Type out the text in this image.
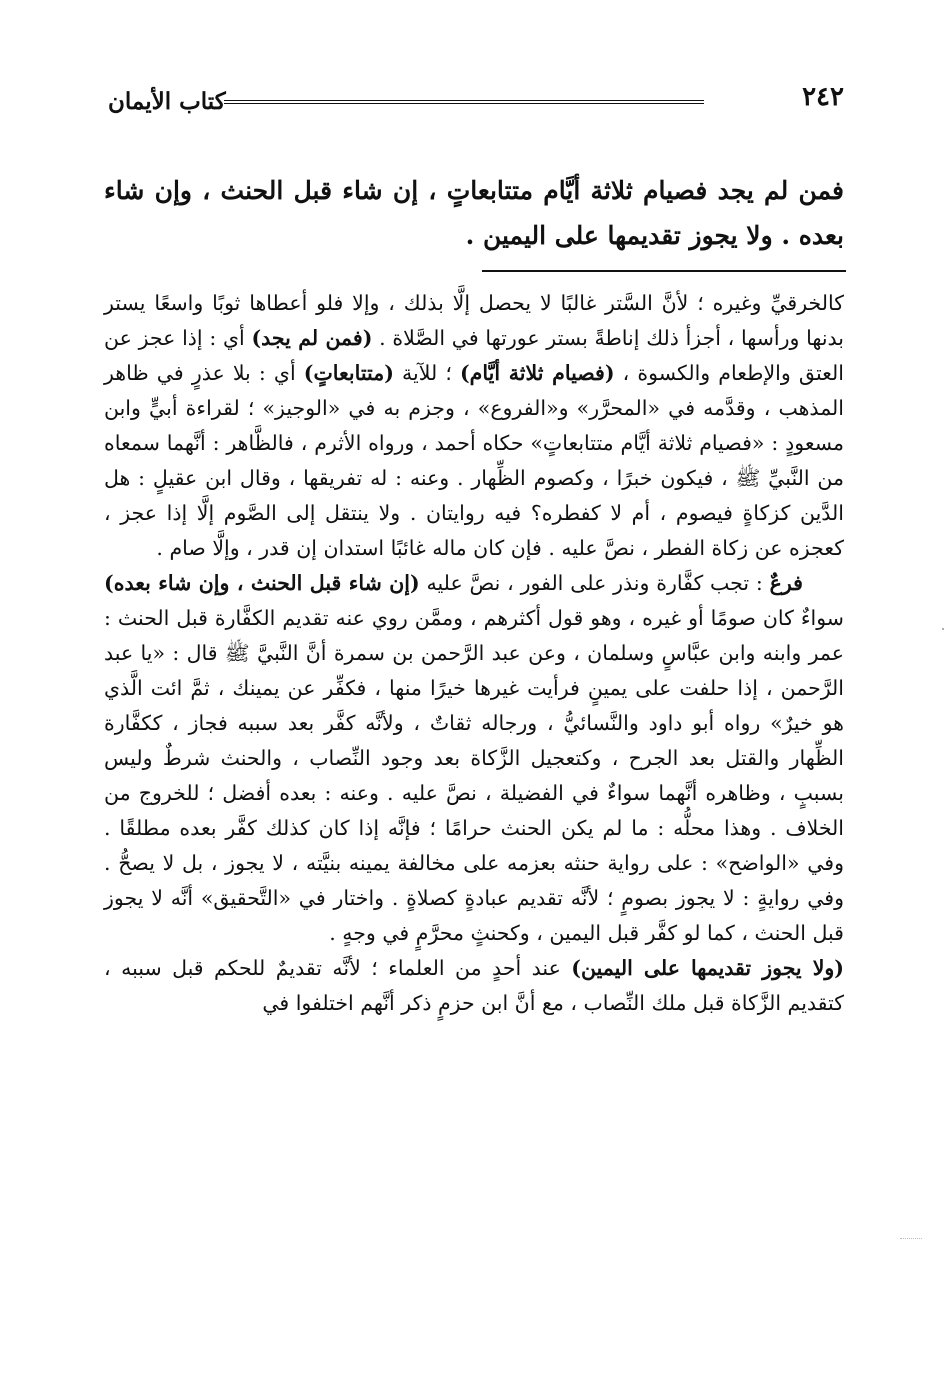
كتاب الأيمان	٢٤٢
فمن لم يجد فصيام ثلاثة أيَّام متتابعاتٍ ، إن شاء قبل الحنث ، وإن شاء بعده . ولا يجوز تقديمها على اليمين .

كالخرقيِّ وغيره ؛ لأنَّ السَّتر غالبًا لا يحصل إلَّا بذلك ، وإلا فلو أعطاها ثوبًا واسعًا يستر بدنها ورأسها ، أجزأ ذلك إناطةً بستر عورتها في الصَّلاة . (فمن لم يجد) أي : إذا عجز عن العتق والإطعام والكسوة ، (فصيام ثلاثة أيَّام) ؛ للآية (متتابعاتٍ) أي : بلا عذرٍ في ظاهر المذهب ، وقدَّمه في «المحرَّر» و«الفروع» ، وجزم به في «الوجيز» ؛ لقراءة أبيٍّ وابن مسعودٍ : «فصيام ثلاثة أيَّام متتابعاتٍ» حكاه أحمد ، ورواه الأثرم ، فالظَّاهر : أنَّهما سمعاه من النَّبيِّ ﷺ ، فيكون خبرًا ، وكصوم الظِّهار . وعنه : له تفريقها ، وقال ابن عقيلٍ : هل الدَّين كزكاةٍ فيصوم ، أم لا كفطره؟ فيه روايتان . ولا ينتقل إلى الصَّوم إلَّا إذا عجز ، كعجزه عن زكاة الفطر ، نصَّ عليه . فإن كان ماله غائبًا استدان إن قدر ، وإلَّا صام .

  فرعٌ : تجب كفَّارة ونذر على الفور ، نصَّ عليه (إن شاء قبل الحنث ، وإن شاء بعده) سواءٌ كان صومًا أو غيره ، وهو قول أكثرهم ، وممَّن روي عنه تقديم الكفَّارة قبل الحنث : عمر وابنه وابن عبَّاسٍ وسلمان ، وعن عبد الرَّحمن بن سمرة أنَّ النَّبيَّ ﷺ قال : «يا عبد الرَّحمن ، إذا حلفت على يمينٍ فرأيت غيرها خيرًا منها ، فكفِّر عن يمينك ، ثمَّ ائت الَّذي هو خيرٌ» رواه أبو داود والنَّسائيُّ ، ورجاله ثقاتٌ ، ولأنَّه كفَّر بعد سببه فجاز ، ككفَّارة الظِّهار والقتل بعد الجرح ، وكتعجيل الزَّكاة بعد وجود النِّصاب ، والحنث شرطٌ وليس بسببٍ ، وظاهره أنَّهما سواءٌ في الفضيلة ، نصَّ عليه . وعنه : بعده أفضل ؛ للخروج من الخلاف . وهذا محلُّه : ما لم يكن الحنث حرامًا ؛ فإنَّه إذا كان كذلك كفَّر بعده مطلقًا . وفي «الواضح» : على رواية حنثه بعزمه على مخالفة يمينه بنيَّته ، لا يجوز ، بل لا يصحُّ . وفي روايةٍ : لا يجوز بصومٍ ؛ لأنَّه تقديم عبادةٍ كصلاةٍ . واختار في «التَّحقيق» أنَّه لا يجوز قبل الحنث ، كما لو كفَّر قبل اليمين ، وكحنثٍ محرَّمٍ في وجهٍ .

(ولا يجوز تقديمها على اليمين) عند أحدٍ من العلماء ؛ لأنَّه تقديمٌ للحكم قبل سببه ، كتقديم الزَّكاة قبل ملك النِّصاب ، مع أنَّ ابن حزمٍ ذكر أنَّهم اختلفوا في
